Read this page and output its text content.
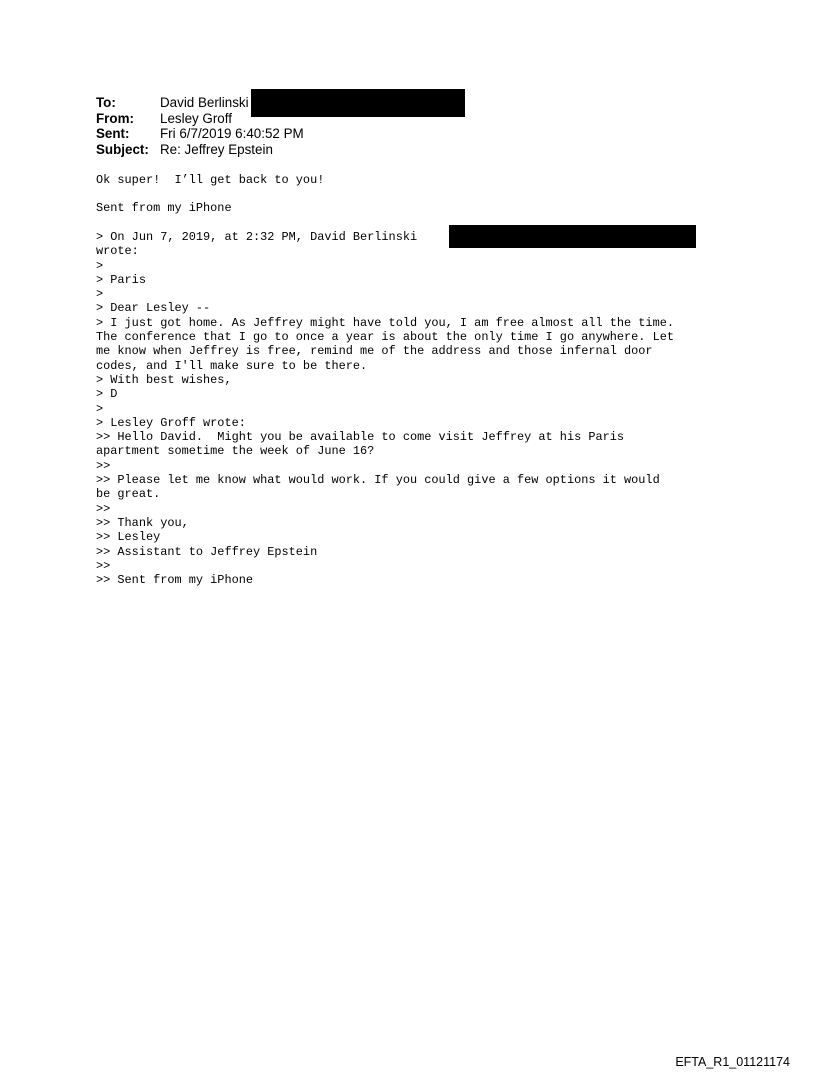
To:	David Berlinski
From:	Lesley Groff
Sent:	Fri 6/7/2019 6:40:52 PM
Subject: Re: Jeffrey Epstein
Ok super!  I’ll get back to you!
Sent from my iPhone
> On Jun 7, 2019, at 2:32 PM, David Berlinski
wrote:
>
> Paris
>
> Dear Lesley --
> I just got home. As Jeffrey might have told you, I am free almost all the time.
The conference that I go to once a year is about the only time I go anywhere. Let
me know when Jeffrey is free, remind me of the address and those infernal door
codes, and I'll make sure to be there.
> With best wishes,
> D
>
> Lesley Groff wrote:
>> Hello David.  Might you be available to come visit Jeffrey at his Paris
apartment sometime the week of June 16?
>>
>> Please let me know what would work. If you could give a few options it would
be great.
>>
>> Thank you,
>> Lesley
>> Assistant to Jeffrey Epstein
>>
>> Sent from my iPhone
EFTA_R1_01121174
